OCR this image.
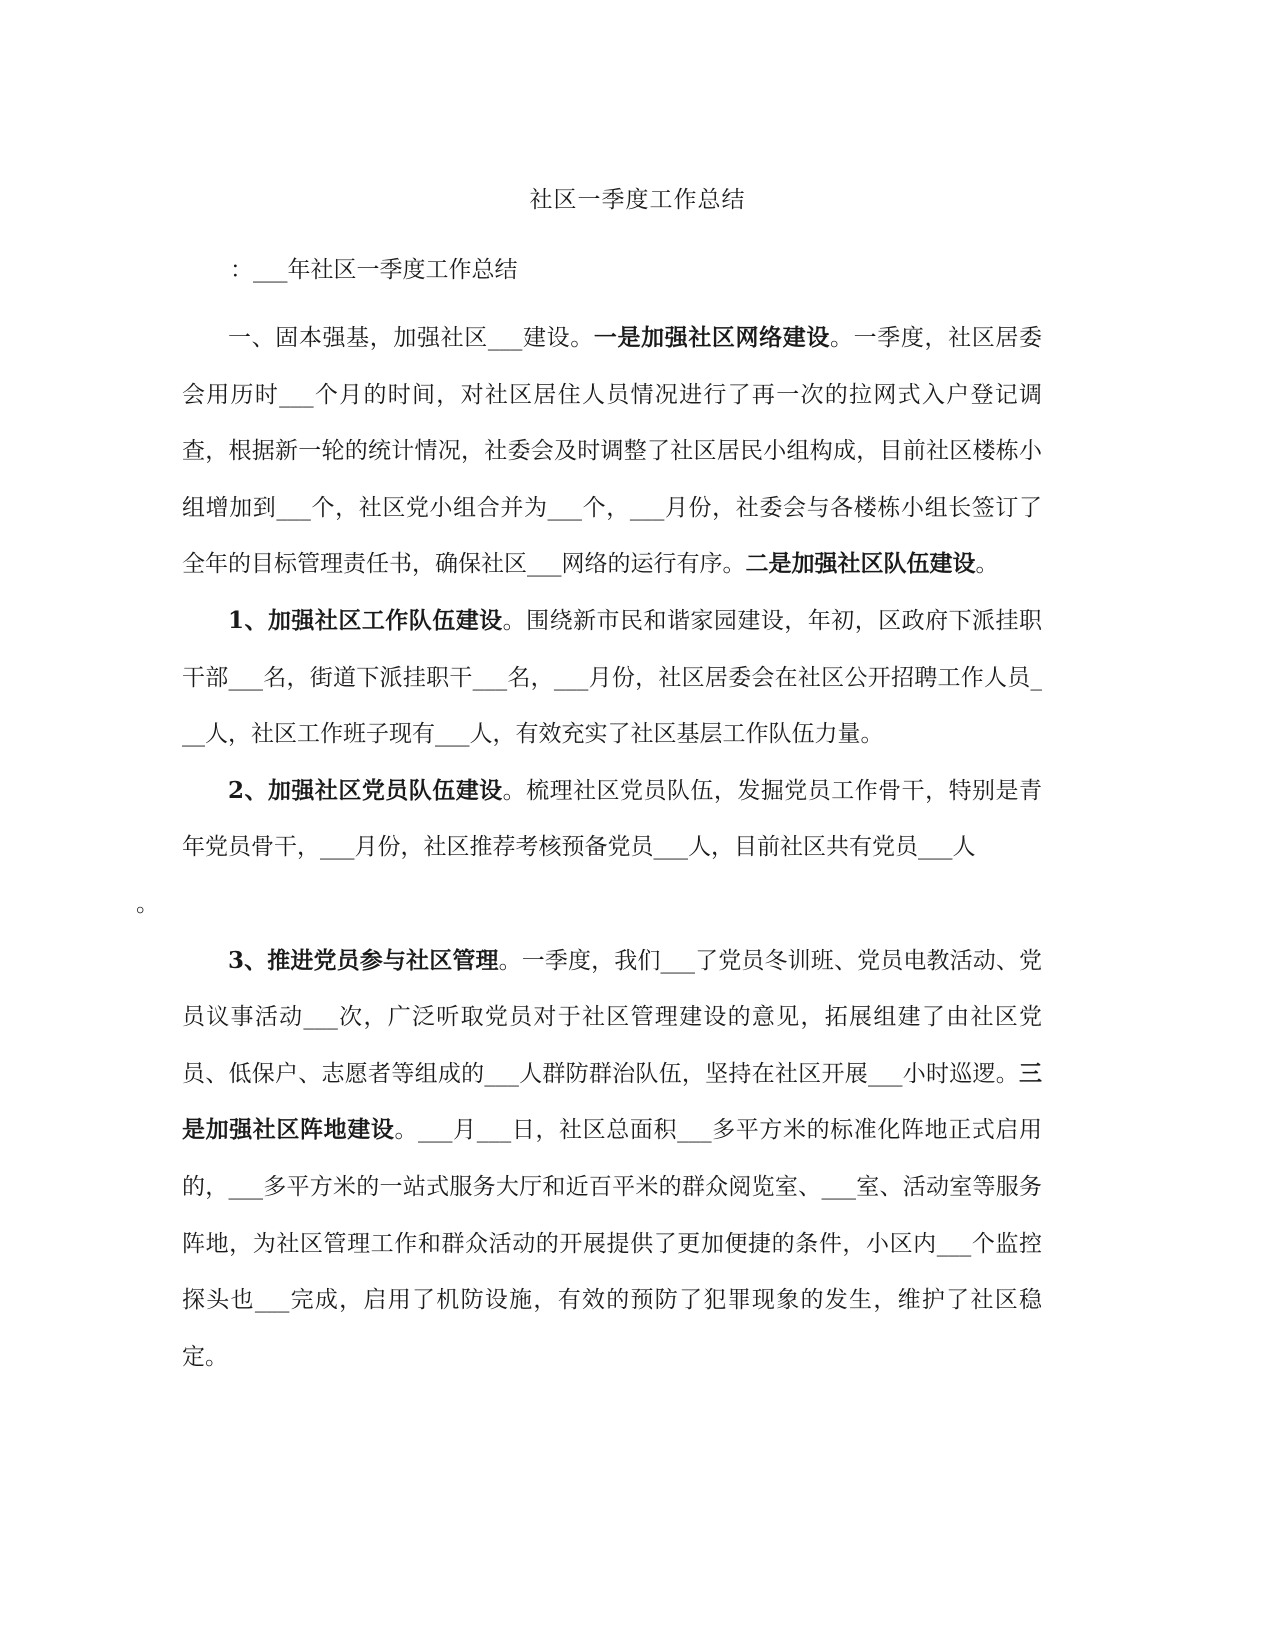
社区一季度工作总结
：___年社区一季度工作总结

一、固本强基，加强社区___建设。一是加强社区网络建设。一季度，社区居委会用历时___个月的时间，对社区居住人员情况进行了再一次的拉网式入户登记调查，根据新一轮的统计情况，社委会及时调整了社区居民小组构成，目前社区楼栋小组增加到___个，社区党小组合并为___个，___月份，社委会与各楼栋小组长签订了全年的目标管理责任书，确保社区___网络的运行有序。二是加强社区队伍建设。

1、加强社区工作队伍建设。围绕新市民和谐家园建设，年初，区政府下派挂职干部___名，街道下派挂职干___名，___月份，社区居委会在社区公开招聘工作人员___人，社区工作班子现有___人，有效充实了社区基层工作队伍力量。

2、加强社区党员队伍建设。梳理社区党员队伍，发掘党员工作骨干，特别是青年党员骨干，___月份，社区推荐考核预备党员___人，目前社区共有党员___人
。

3、推进党员参与社区管理。一季度，我们___了党员冬训班、党员电教活动、党员议事活动___次，广泛听取党员对于社区管理建设的意见，拓展组建了由社区党员、低保户、志愿者等组成的___人群防群治队伍，坚持在社区开展___小时巡逻。三是加强社区阵地建设。___月___日，社区总面积___多平方米的标准化阵地正式启用的，___多平方米的一站式服务大厅和近百平米的群众阅览室、___室、活动室等服务阵地，为社区管理工作和群众活动的开展提供了更加便捷的条件，小区内___个监控探头也___完成，启用了机防设施，有效的预防了犯罪现象的发生，维护了社区稳定。
